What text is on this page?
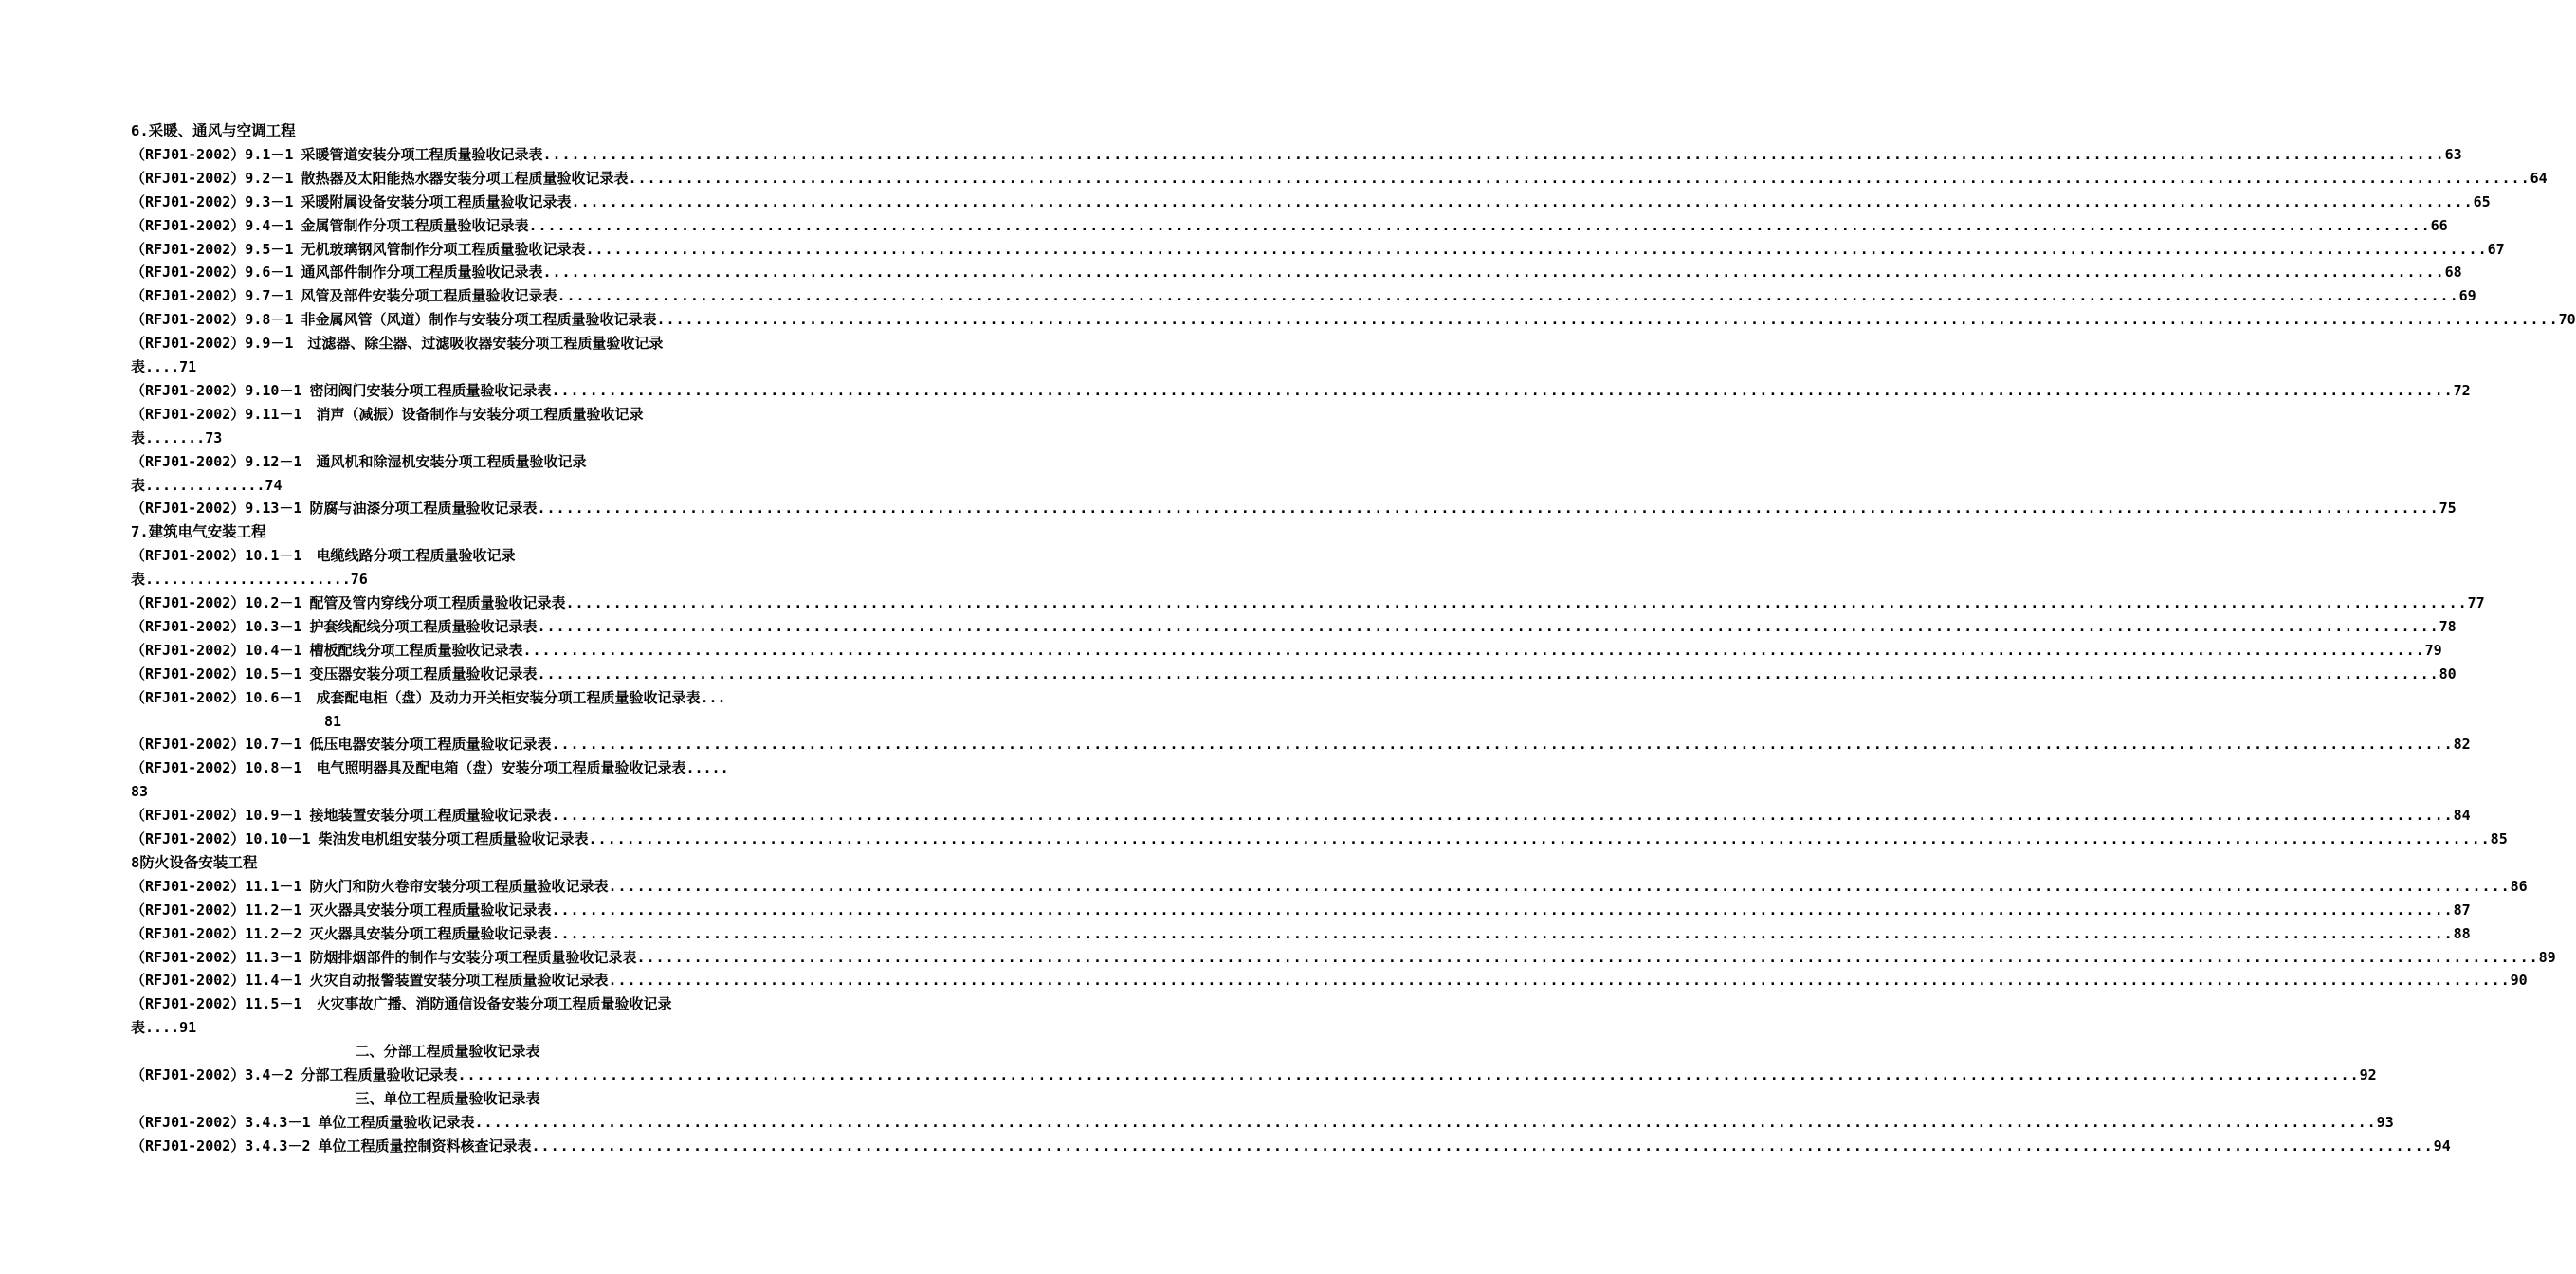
6.采暖、通风与空调工程
（RFJ01-2002）9.1－1 采暖管道安装分项工程质量验收记录表 ........................................................................................................................................................................................................ 63
（RFJ01-2002）9.2－1 散热器及太阳能热水器安装分项工程质量验收记录表 ........................................................................................................................................................................................................ 64
（RFJ01-2002）9.3－1 采暖附属设备安装分项工程质量验收记录表 ........................................................................................................................................................................................................ 65
（RFJ01-2002）9.4－1 金属管制作分项工程质量验收记录表 ........................................................................................................................................................................................................ 66
（RFJ01-2002）9.5－1 无机玻璃钢风管制作分项工程质量验收记录表 ........................................................................................................................................................................................................ 67
（RFJ01-2002）9.6－1 通风部件制作分项工程质量验收记录表 ........................................................................................................................................................................................................ 68
（RFJ01-2002）9.7－1 风管及部件安装分项工程质量验收记录表 ........................................................................................................................................................................................................ 69
（RFJ01-2002）9.8－1 非金属风管（风道）制作与安装分项工程质量验收记录表 ........................................................................................................................................................................................................ 70
（RFJ01-2002）9.9－1　过滤器、除尘器、过滤吸收器安装分项工程质量验收记录
表....71
（RFJ01-2002）9.10－1 密闭阀门安装分项工程质量验收记录表 ........................................................................................................................................................................................................ 72
（RFJ01-2002）9.11－1　消声（减振）设备制作与安装分项工程质量验收记录
表.......73
（RFJ01-2002）9.12－1　通风机和除湿机安装分项工程质量验收记录
表..............74
（RFJ01-2002）9.13－1 防腐与油漆分项工程质量验收记录表 ........................................................................................................................................................................................................ 75
7.建筑电气安装工程
（RFJ01-2002）10.1－1　电缆线路分项工程质量验收记录
表........................76
（RFJ01-2002）10.2－1 配管及管内穿线分项工程质量验收记录表 ........................................................................................................................................................................................................ 77
（RFJ01-2002）10.3－1 护套线配线分项工程质量验收记录表 ........................................................................................................................................................................................................ 78
（RFJ01-2002）10.4－1 槽板配线分项工程质量验收记录表 ........................................................................................................................................................................................................ 79
（RFJ01-2002）10.5－1 变压器安装分项工程质量验收记录表 ........................................................................................................................................................................................................ 80
（RFJ01-2002）10.6－1　成套配电柜（盘）及动力开关柜安装分项工程质量验收记录表...
81
（RFJ01-2002）10.7－1 低压电器安装分项工程质量验收记录表 ........................................................................................................................................................................................................ 82
（RFJ01-2002）10.8－1　电气照明器具及配电箱（盘）安装分项工程质量验收记录表.....
83
（RFJ01-2002）10.9－1 接地装置安装分项工程质量验收记录表 ........................................................................................................................................................................................................ 84
（RFJ01-2002）10.10－1 柴油发电机组安装分项工程质量验收记录表 ........................................................................................................................................................................................................ 85
8防火设备安装工程
（RFJ01-2002）11.1－1 防火门和防火卷帘安装分项工程质量验收记录表 ........................................................................................................................................................................................................ 86
（RFJ01-2002）11.2－1 灭火器具安装分项工程质量验收记录表 ........................................................................................................................................................................................................ 87
（RFJ01-2002）11.2－2 灭火器具安装分项工程质量验收记录表 ........................................................................................................................................................................................................ 88
（RFJ01-2002）11.3－1 防烟排烟部件的制作与安装分项工程质量验收记录表 ........................................................................................................................................................................................................ 89
（RFJ01-2002）11.4－1 火灾自动报警装置安装分项工程质量验收记录表 ........................................................................................................................................................................................................ 90
（RFJ01-2002）11.5－1　火灾事故广播、消防通信设备安装分项工程质量验收记录
表....91
二、分部工程质量验收记录表
（RFJ01-2002）3.4－2 分部工程质量验收记录表 ........................................................................................................................................................................................................ 92
三、单位工程质量验收记录表
（RFJ01-2002）3.4.3－1 单位工程质量验收记录表 ........................................................................................................................................................................................................ 93
（RFJ01-2002）3.4.3－2 单位工程质量控制资料核查记录表 ........................................................................................................................................................................................................ 94
